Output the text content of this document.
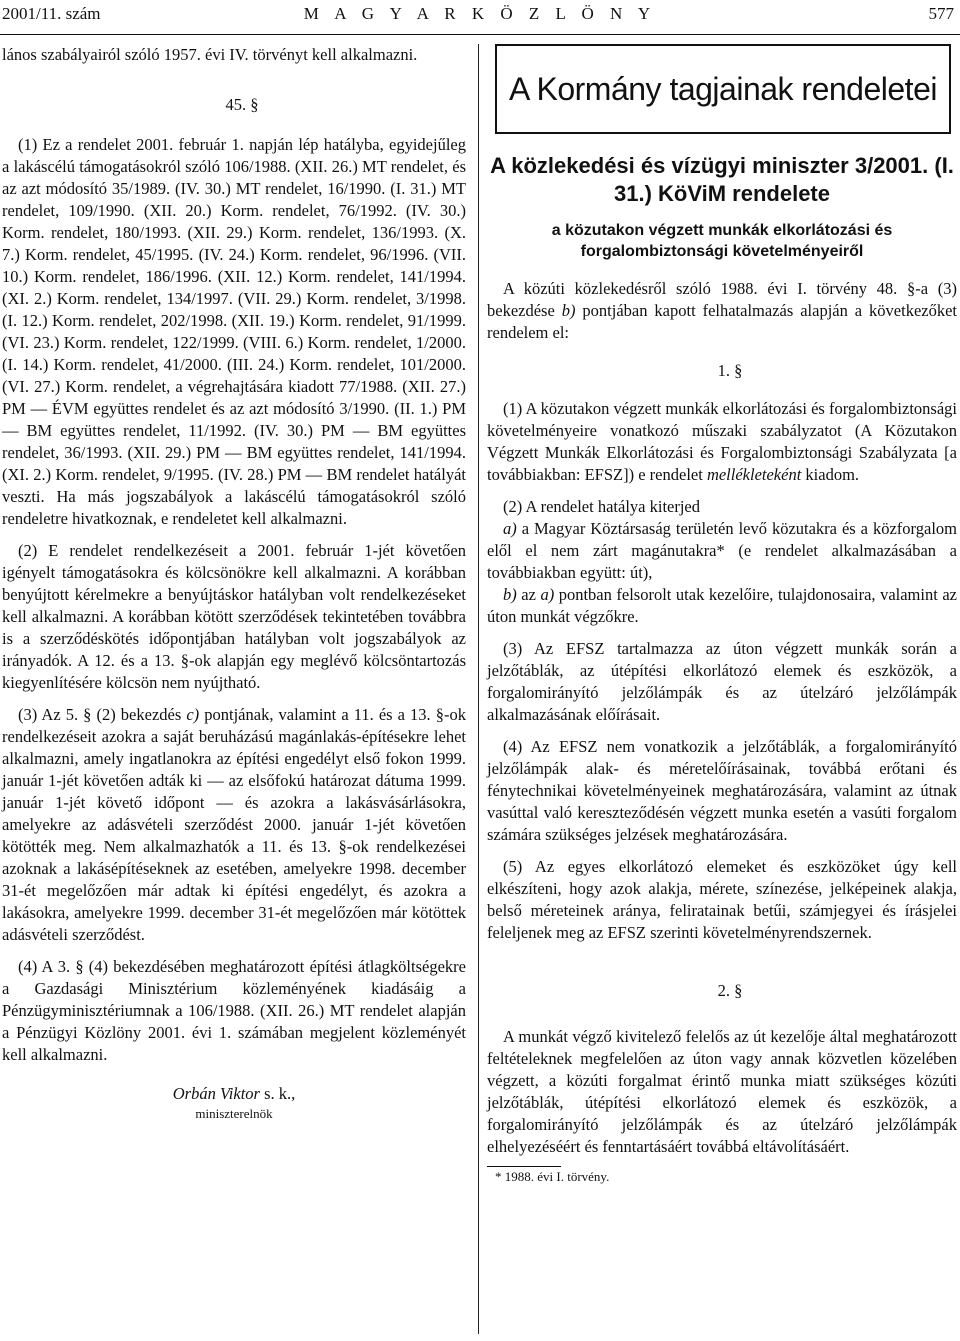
2001/11. szám	M A G Y A R K Ö Z L Ö N Y	577

lános szabályairól szóló 1957. évi IV. törvényt kell alkalmazni.

45. §

(1) Ez a rendelet 2001. február 1. napján lép hatályba, egyidejűleg a lakáscélú támogatásokról szóló 106/1988. (XII. 26.) MT rendelet, és az azt módosító 35/1989. (IV. 30.) MT rendelet, 16/1990. (I. 31.) MT rendelet, 109/1990. (XII. 20.) Korm. rendelet, 76/1992. (IV. 30.) Korm. rendelet, 180/1993. (XII. 29.) Korm. rendelet, 136/1993. (X. 7.) Korm. rendelet, 45/1995. (IV. 24.) Korm. rendelet, 96/1996. (VII. 10.) Korm. rendelet, 186/1996. (XII. 12.) Korm. rendelet, 141/1994. (XI. 2.) Korm. rendelet, 134/1997. (VII. 29.) Korm. rendelet, 3/1998. (I. 12.) Korm. rendelet, 202/1998. (XII. 19.) Korm. rendelet, 91/1999. (VI. 23.) Korm. rendelet, 122/1999. (VIII. 6.) Korm. rendelet, 1/2000. (I. 14.) Korm. rendelet, 41/2000. (III. 24.) Korm. rendelet, 101/2000. (VI. 27.) Korm. rendelet, a végrehajtására kiadott 77/1988. (XII. 27.) PM — ÉVM együttes rendelet és az azt módosító 3/1990. (II. 1.) PM — BM együttes rendelet, 11/1992. (IV. 30.) PM — BM együttes rendelet, 36/1993. (XII. 29.) PM — BM együttes rendelet, 141/1994. (XI. 2.) Korm. rendelet, 9/1995. (IV. 28.) PM — BM rendelet hatályát veszti. Ha más jogszabályok a lakáscélú támogatásokról szóló rendeletre hivatkoznak, e rendeletet kell alkalmazni.

(2) E rendelet rendelkezéseit a 2001. február 1-jét követően igényelt támogatásokra és kölcsönökre kell alkalmazni. A korábban benyújtott kérelmekre a benyújtáskor hatályban volt rendelkezéseket kell alkalmazni. A korábban kötött szerződések tekintetében továbbra is a szerződéskötés időpontjában hatályban volt jogszabályok az irányadók. A 12. és a 13. §-ok alapján egy meglévő kölcsöntartozás kiegyenlítésére kölcsön nem nyújtható.

(3) Az 5. § (2) bekezdés c) pontjának, valamint a 11. és a 13. §-ok rendelkezéseit azokra a saját beruházású magánlakás-építésekre lehet alkalmazni, amely ingatlanokra az építési engedélyt első fokon 1999. január 1-jét követően adták ki — az elsőfokú határozat dátuma 1999. január 1-jét követő időpont — és azokra a lakásvásárlásokra, amelyekre az adásvételi szerződést 2000. január 1-jét követően kötötték meg. Nem alkalmazhatók a 11. és 13. §-ok rendelkezései azoknak a lakásépítéseknek az esetében, amelyekre 1998. december 31-ét megelőzően már adtak ki építési engedélyt, és azokra a lakásokra, amelyekre 1999. december 31-ét megelőzően már kötöttek adásvételi szerződést.

(4) A 3. § (4) bekezdésében meghatározott építési átlagköltségekre a Gazdasági Minisztérium közleményének kiadásáig a Pénzügyminisztériumnak a 106/1988. (XII. 26.) MT rendelet alapján a Pénzügyi Közlöny 2001. évi 1. számában megjelent közleményét kell alkalmazni.

Orbán Viktor s. k.,
miniszterelnök
A Kormány tagjainak rendeletei
A közlekedési és vízügyi miniszter 3/2001. (I. 31.) KöViM rendelete
a közutakon végzett munkák elkorlátozási és forgalombiztonsági követelményeiről

A közúti közlekedésről szóló 1988. évi I. törvény 48. §-a (3) bekezdése b) pontjában kapott felhatalmazás alapján a következőket rendelem el:

1. §

(1) A közutakon végzett munkák elkorlátozási és forgalombiztonsági követelményeire vonatkozó műszaki szabályzatot (A Közutakon Végzett Munkák Elkorlátozási és Forgalombiztonsági Szabályzata [a továbbiakban: EFSZ]) e rendelet mellékleteként kiadom.

(2) A rendelet hatálya kiterjed

a) a Magyar Köztársaság területén levő közutakra és a közforgalom elől el nem zárt magánutakra* (e rendelet alkalmazásában a továbbiakban együtt: út),

b) az a) pontban felsorolt utak kezelőire, tulajdonosaira, valamint az úton munkát végzőkre.

(3) Az EFSZ tartalmazza az úton végzett munkák során a jelzőtáblák, az útépítési elkorlátozó elemek és eszközök, a forgalomirányító jelzőlámpák és az útelzáró jelzőlámpák alkalmazásának előírásait.

(4) Az EFSZ nem vonatkozik a jelzőtáblák, a forgalomirányító jelzőlámpák alak- és méretelőírásainak, továbbá erőtani és fénytechnikai követelményeinek meghatározására, valamint az útnak vasúttal való kereszteződésén végzett munka esetén a vasúti forgalom számára szükséges jelzések meghatározására.

(5) Az egyes elkorlátozó elemeket és eszközöket úgy kell elkészíteni, hogy azok alakja, mérete, színezése, jelképeinek alakja, belső méreteinek aránya, feliratainak betűi, számjegyei és írásjelei feleljenek meg az EFSZ szerinti követelményrendszernek.

2. §

A munkát végző kivitelező felelős az út kezelője által meghatározott feltételeknek megfelelően az úton vagy annak közvetlen közelében végzett, a közúti forgalmat érintő munka miatt szükséges közúti jelzőtáblák, útépítési elkorlátozó elemek és eszközök, a forgalomirányító jelzőlámpák és az útelzáró jelzőlámpák elhelyezéséért és fenntartásáért továbbá eltávolításáért.

* 1988. évi I. törvény.
